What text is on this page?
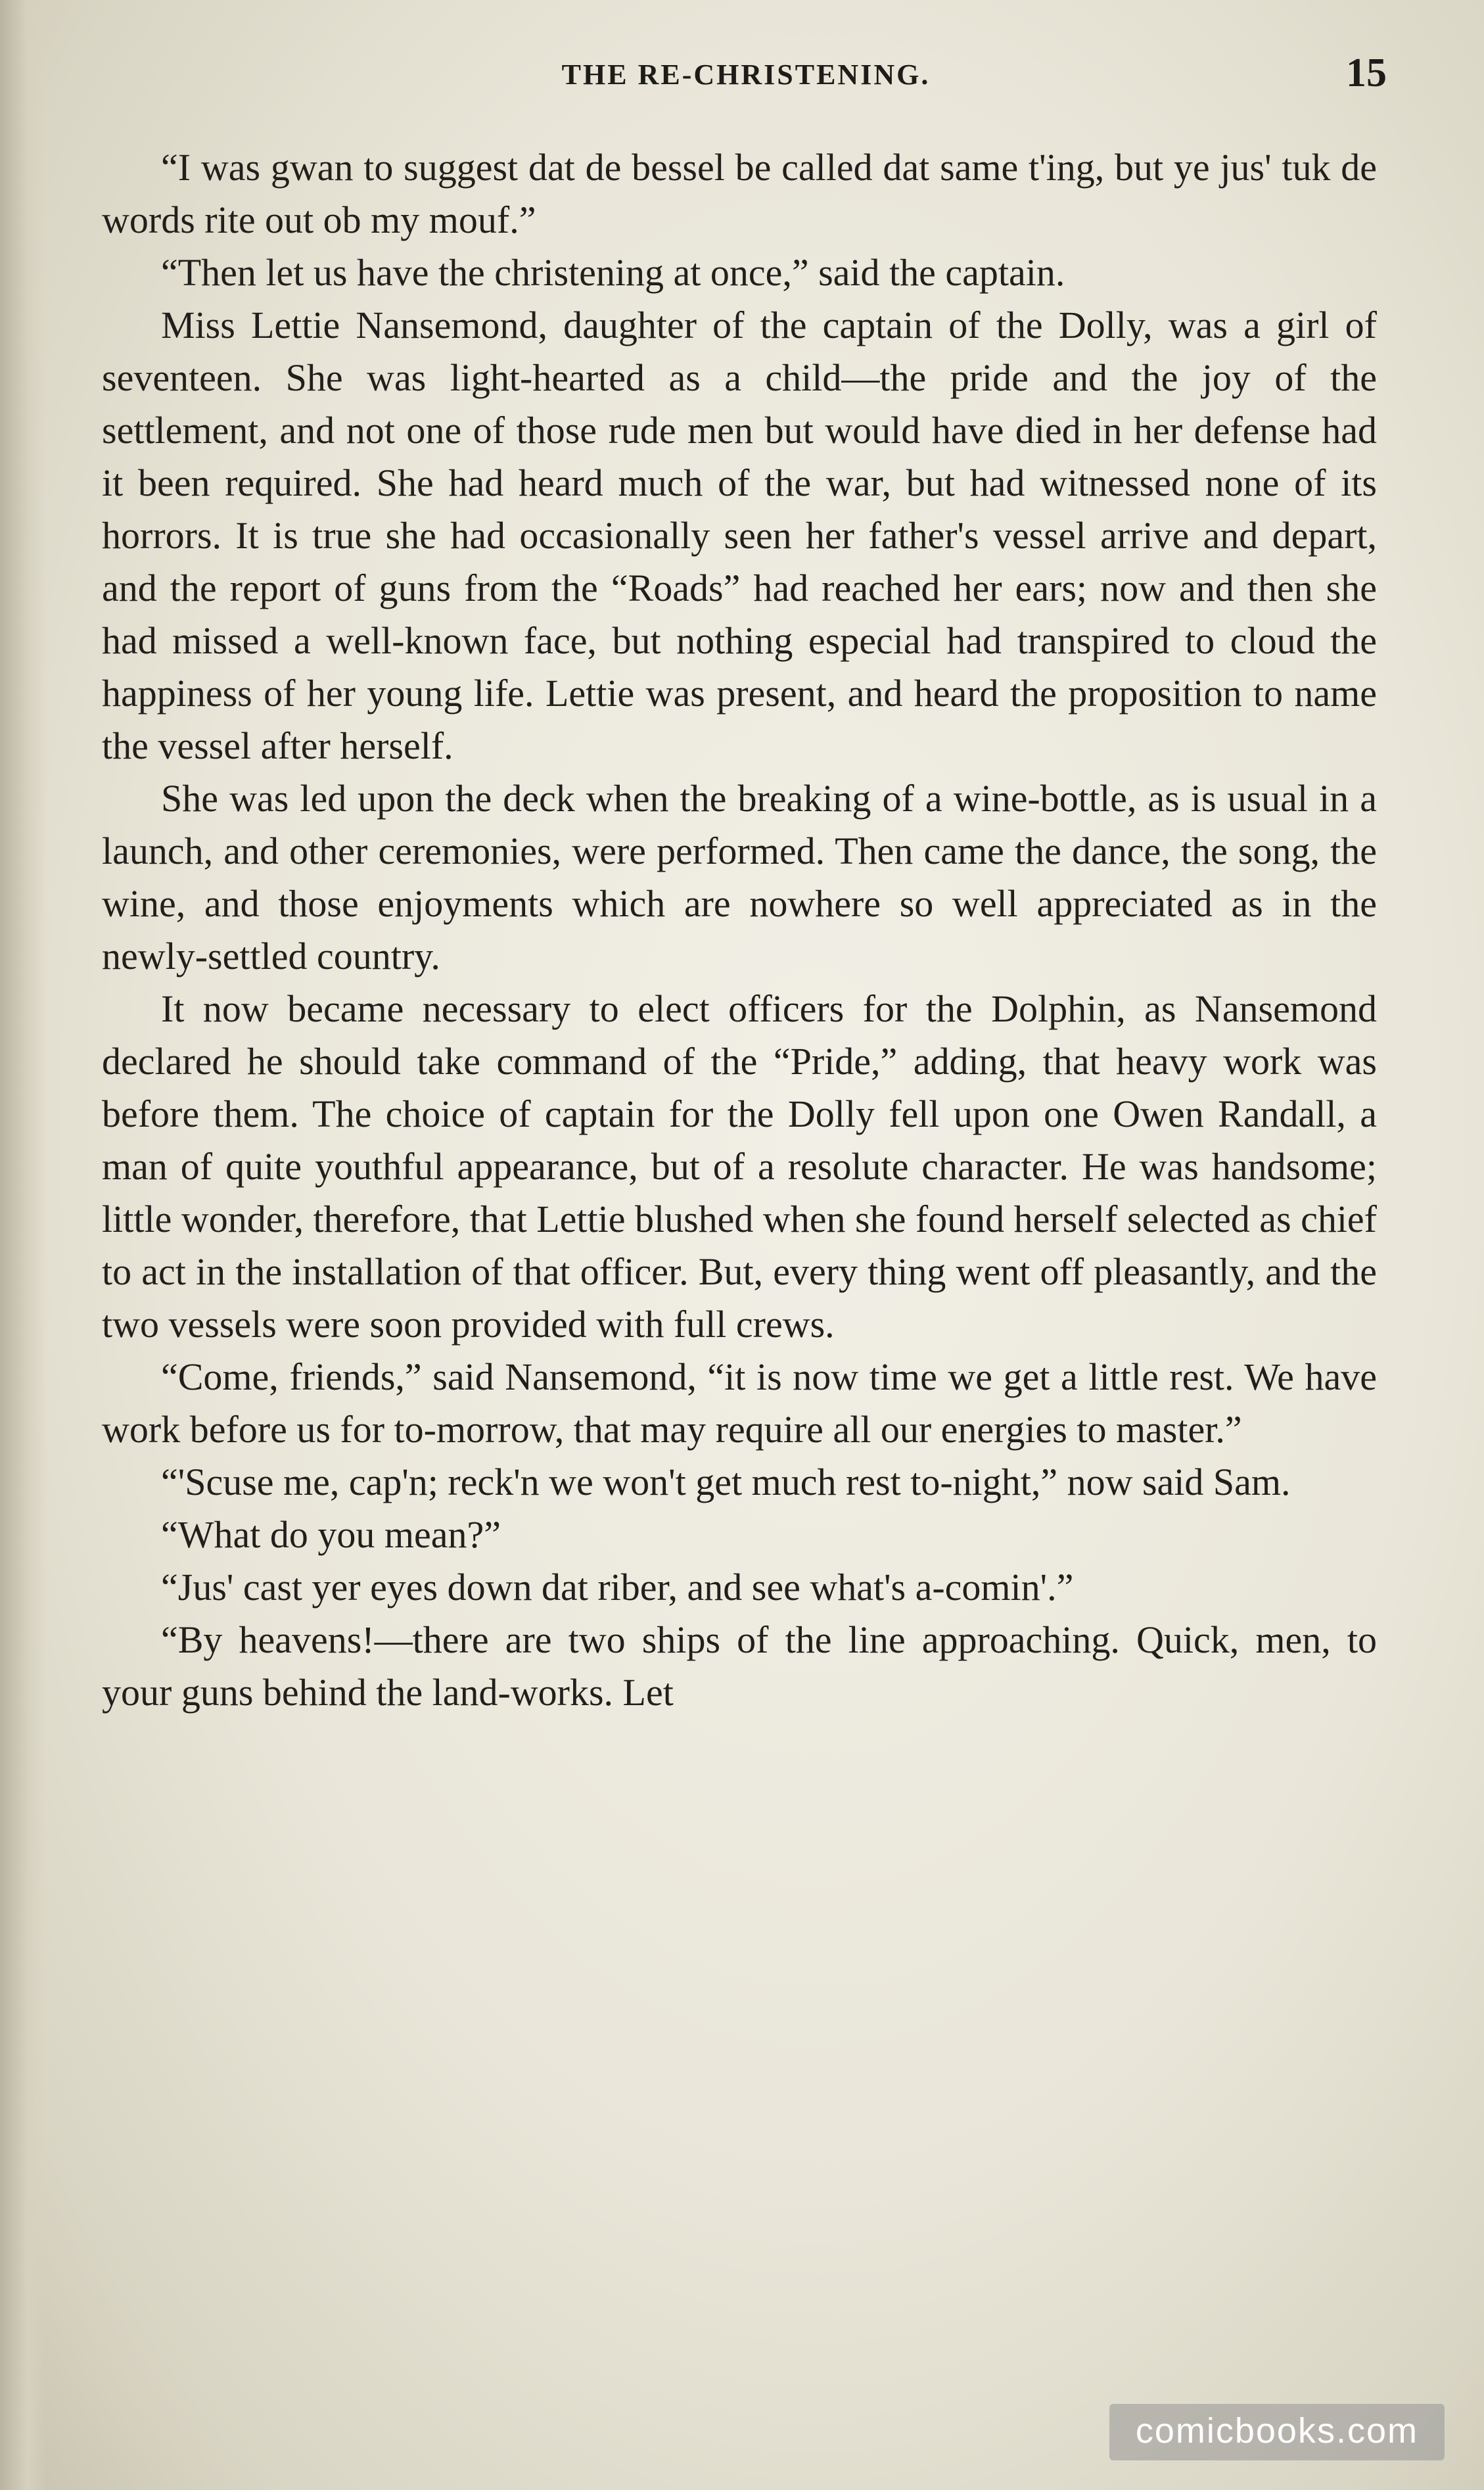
THE RE-CHRISTENING.	15

“I was gwan to suggest dat de bessel be called dat same t'ing, but ye jus' tuk de words rite out ob my mouf.”

“Then let us have the christening at once,” said the captain.

Miss Lettie Nansemond, daughter of the captain of the Dolly, was a girl of seventeen. She was light-hearted as a child—the pride and the joy of the settlement, and not one of those rude men but would have died in her defense had it been required. She had heard much of the war, but had witnessed none of its horrors. It is true she had occasionally seen her father's vessel arrive and depart, and the report of guns from the “Roads” had reached her ears; now and then she had missed a well-known face, but nothing especial had transpired to cloud the happiness of her young life. Lettie was present, and heard the proposition to name the vessel after herself.

She was led upon the deck when the breaking of a wine-bottle, as is usual in a launch, and other ceremonies, were performed. Then came the dance, the song, the wine, and those enjoyments which are nowhere so well appreciated as in the newly-settled country.

It now became necessary to elect officers for the Dolphin, as Nansemond declared he should take command of the “Pride,” adding, that heavy work was before them. The choice of captain for the Dolly fell upon one Owen Randall, a man of quite youthful appearance, but of a resolute character. He was handsome; little wonder, therefore, that Lettie blushed when she found herself selected as chief to act in the installation of that officer. But, every thing went off pleasantly, and the two vessels were soon provided with full crews.

“Come, friends,” said Nansemond, “it is now time we get a little rest. We have work before us for to-morrow, that may require all our energies to master.”

“'Scuse me, cap'n; reck'n we won't get much rest to-night,” now said Sam.

“What do you mean?”

“Jus' cast yer eyes down dat riber, and see what's a-comin'.”

“By heavens!—there are two ships of the line approaching. Quick, men, to your guns behind the land-works. Let

comicbooks.com
